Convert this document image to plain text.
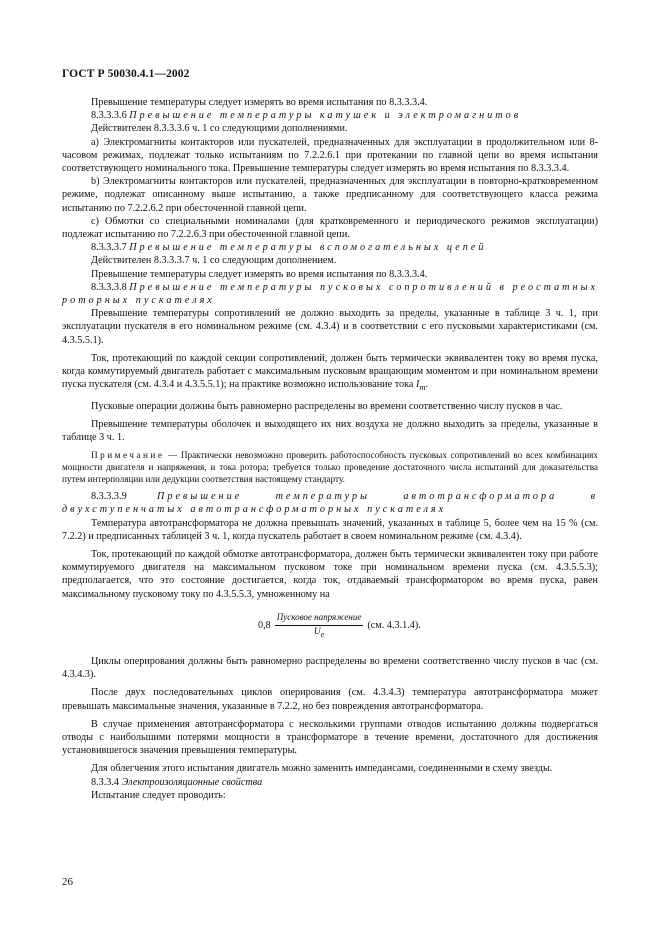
ГОСТ Р 50030.4.1—2002

Превышение температуры следует измерять во время испытания по 8.3.3.3.4.

8.3.3.3.6 Превышение температуры катушек и электромагнитов

Действителен 8.3.3.3.6 ч. 1 со следующими дополнениями.

a) Электромагниты контакторов или пускателей, предназначенных для эксплуатации в продолжительном или 8-часовом режимах, подлежат только испытаниям по 7.2.2.6.1 при протекании по главной цепи во время испытания соответствующего номинального тока. Превышение температуры следует измерять во время испытания по 8.3.3.3.4.

b) Электромагниты контакторов или пускателей, предназначенных для эксплуатации в повторно-кратковременном режиме, подлежат описанному выше испытанию, а также предписанному для соответствующего класса режима испытанию по 7.2.2.6.2 при обесточенной главной цепи.

c) Обмотки со специальными номиналами (для кратковременного и периодического режимов эксплуатации) подлежат испытанию по 7.2.2.6.3 при обесточенной главной цепи.

8.3.3.3.7 Превышение температуры вспомогательных цепей

Действителен 8.3.3.3.7 ч. 1 со следующим дополнением.

Превышение температуры следует измерять во время испытания по 8.3.3.3.4.

8.3.3.3.8 Превышение температуры пусковых сопротивлений в реостатных роторных пускателях

Превышение температуры сопротивлений не должно выходить за пределы, указанные в таблице 3 ч. 1, при эксплуатации пускателя в его номинальном режиме (см. 4.3.4) и в соответствии с его пусковыми характеристиками (см. 4.3.5.5.1).

Ток, протекающий по каждой секции сопротивлений, должен быть термически эквивалентен току во время пуска, когда коммутируемый двигатель работает с максимальным пусковым вращающим моментом и при номинальном времени пуска пускателя (см. 4.3.4 и 4.3.5.5.1); на практике возможно использование тока $I_m$.

Пусковые операции должны быть равномерно распределены во времени соответственно числу пусков в час.

Превышение температуры оболочек и выходящего их них воздуха не должно выходить за пределы, указанные в таблице 3 ч. 1.

Примечание — Практически невозможно проверить работоспособность пусковых сопротивлений во всех комбинациях мощности двигателя и напряжения, и тока ротора; требуется только проведение достаточного числа испытаний для доказательства путем интерполяции или дедукции соответствия настоящему стандарту.

8.3.3.3.9	Превышение температуры автотрансформатора в двухступенчатых автотрансформаторных пускателях

Температура автотрансформатора не должна превышать значений, указанных в таблице 5, более чем на 15 % (см. 7.2.2) и предписанных таблицей 3 ч. 1, когда пускатель работает в своем номинальном режиме (см. 4.3.4).

Ток, протекающий по каждой обмотке автотрансформатора, должен быть термически эквивалентен току при работе коммутируемого двигателя на максимальном пусковом токе при номинальном времени пуска (см. 4.3.5.5.3); предполагается, что это состояние достигается, когда ток, отдаваемый трансформатором во время пуска, равен максимальному пусковому току по 4.3.5.5.3, умноженному на

$0,8 \frac{\text{Пусковое напряжение}}{U_e} (см$. 4.3.1.4).

Циклы оперирования должны быть равномерно распределены во времени соответственно числу пусков в час (см. 4.3.4.3).

После двух последовательных циклов оперирования (см. 4.3.4.3) температура автотрансформатора может превышать максимальные значения, указанные в 7.2.2, но без повреждения автотрансформатора.

В случае применения автотрансформатора с несколькими группами отводов испытанию должны подвергаться отводы с наибольшими потерями мощности в трансформаторе в течение времени, достаточного для достижения установившегося значения превышения температуры.

Для облегчения этого испытания двигатель можно заменить импедансами, соединенными в схему звезды.

8.3.3.4 Электроизоляционные свойства

Испытание следует проводить:

26
